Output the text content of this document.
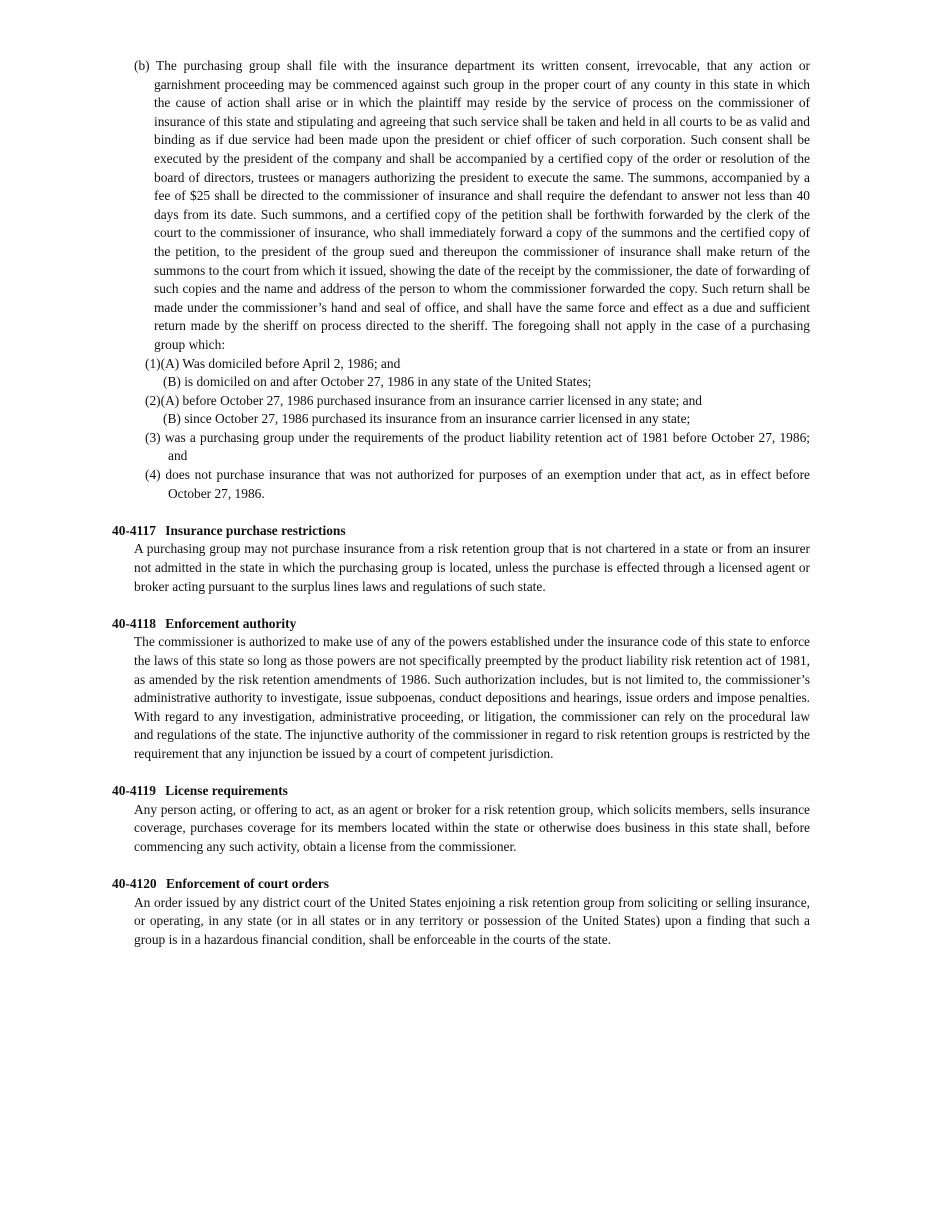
(b) The purchasing group shall file with the insurance department its written consent, irrevocable, that any action or garnishment proceeding may be commenced against such group in the proper court of any county in this state in which the cause of action shall arise or in which the plaintiff may reside by the service of process on the commissioner of insurance of this state and stipulating and agreeing that such service shall be taken and held in all courts to be as valid and binding as if due service had been made upon the president or chief officer of such corporation. Such consent shall be executed by the president of the company and shall be accompanied by a certified copy of the order or resolution of the board of directors, trustees or managers authorizing the president to execute the same. The summons, accompanied by a fee of $25 shall be directed to the commissioner of insurance and shall require the defendant to answer not less than 40 days from its date. Such summons, and a certified copy of the petition shall be forthwith forwarded by the clerk of the court to the commissioner of insurance, who shall immediately forward a copy of the summons and the certified copy of the petition, to the president of the group sued and thereupon the commissioner of insurance shall make return of the summons to the court from which it issued, showing the date of the receipt by the commissioner, the date of forwarding of such copies and the name and address of the person to whom the commissioner forwarded the copy. Such return shall be made under the commissioner’s hand and seal of office, and shall have the same force and effect as a due and sufficient return made by the sheriff on process directed to the sheriff. The foregoing shall not apply in the case of a purchasing group which:

(1)(A) Was domiciled before April 2, 1986; and

(B) is domiciled on and after October 27, 1986 in any state of the United States;

(2)(A) before October 27, 1986 purchased insurance from an insurance carrier licensed in any state; and

(B) since October 27, 1986 purchased its insurance from an insurance carrier licensed in any state;

(3) was a purchasing group under the requirements of the product liability retention act of 1981 before October 27, 1986; and

(4) does not purchase insurance that was not authorized for purposes of an exemption under that act, as in effect before October 27, 1986.

40-4117 Insurance purchase restrictions

A purchasing group may not purchase insurance from a risk retention group that is not chartered in a state or from an insurer not admitted in the state in which the purchasing group is located, unless the purchase is effected through a licensed agent or broker acting pursuant to the surplus lines laws and regulations of such state.

40-4118 Enforcement authority

The commissioner is authorized to make use of any of the powers established under the insurance code of this state to enforce the laws of this state so long as those powers are not specifically preempted by the product liability risk retention act of 1981, as amended by the risk retention amendments of 1986. Such authorization includes, but is not limited to, the commissioner’s administrative authority to investigate, issue subpoenas, conduct depositions and hearings, issue orders and impose penalties. With regard to any investigation, administrative proceeding, or litigation, the commissioner can rely on the procedural law and regulations of the state. The injunctive authority of the commissioner in regard to risk retention groups is restricted by the requirement that any injunction be issued by a court of competent jurisdiction.

40-4119 License requirements

Any person acting, or offering to act, as an agent or broker for a risk retention group, which solicits members, sells insurance coverage, purchases coverage for its members located within the state or otherwise does business in this state shall, before commencing any such activity, obtain a license from the commissioner.

40-4120 Enforcement of court orders

An order issued by any district court of the United States enjoining a risk retention group from soliciting or selling insurance, or operating, in any state (or in all states or in any territory or possession of the United States) upon a finding that such a group is in a hazardous financial condition, shall be enforceable in the courts of the state.
